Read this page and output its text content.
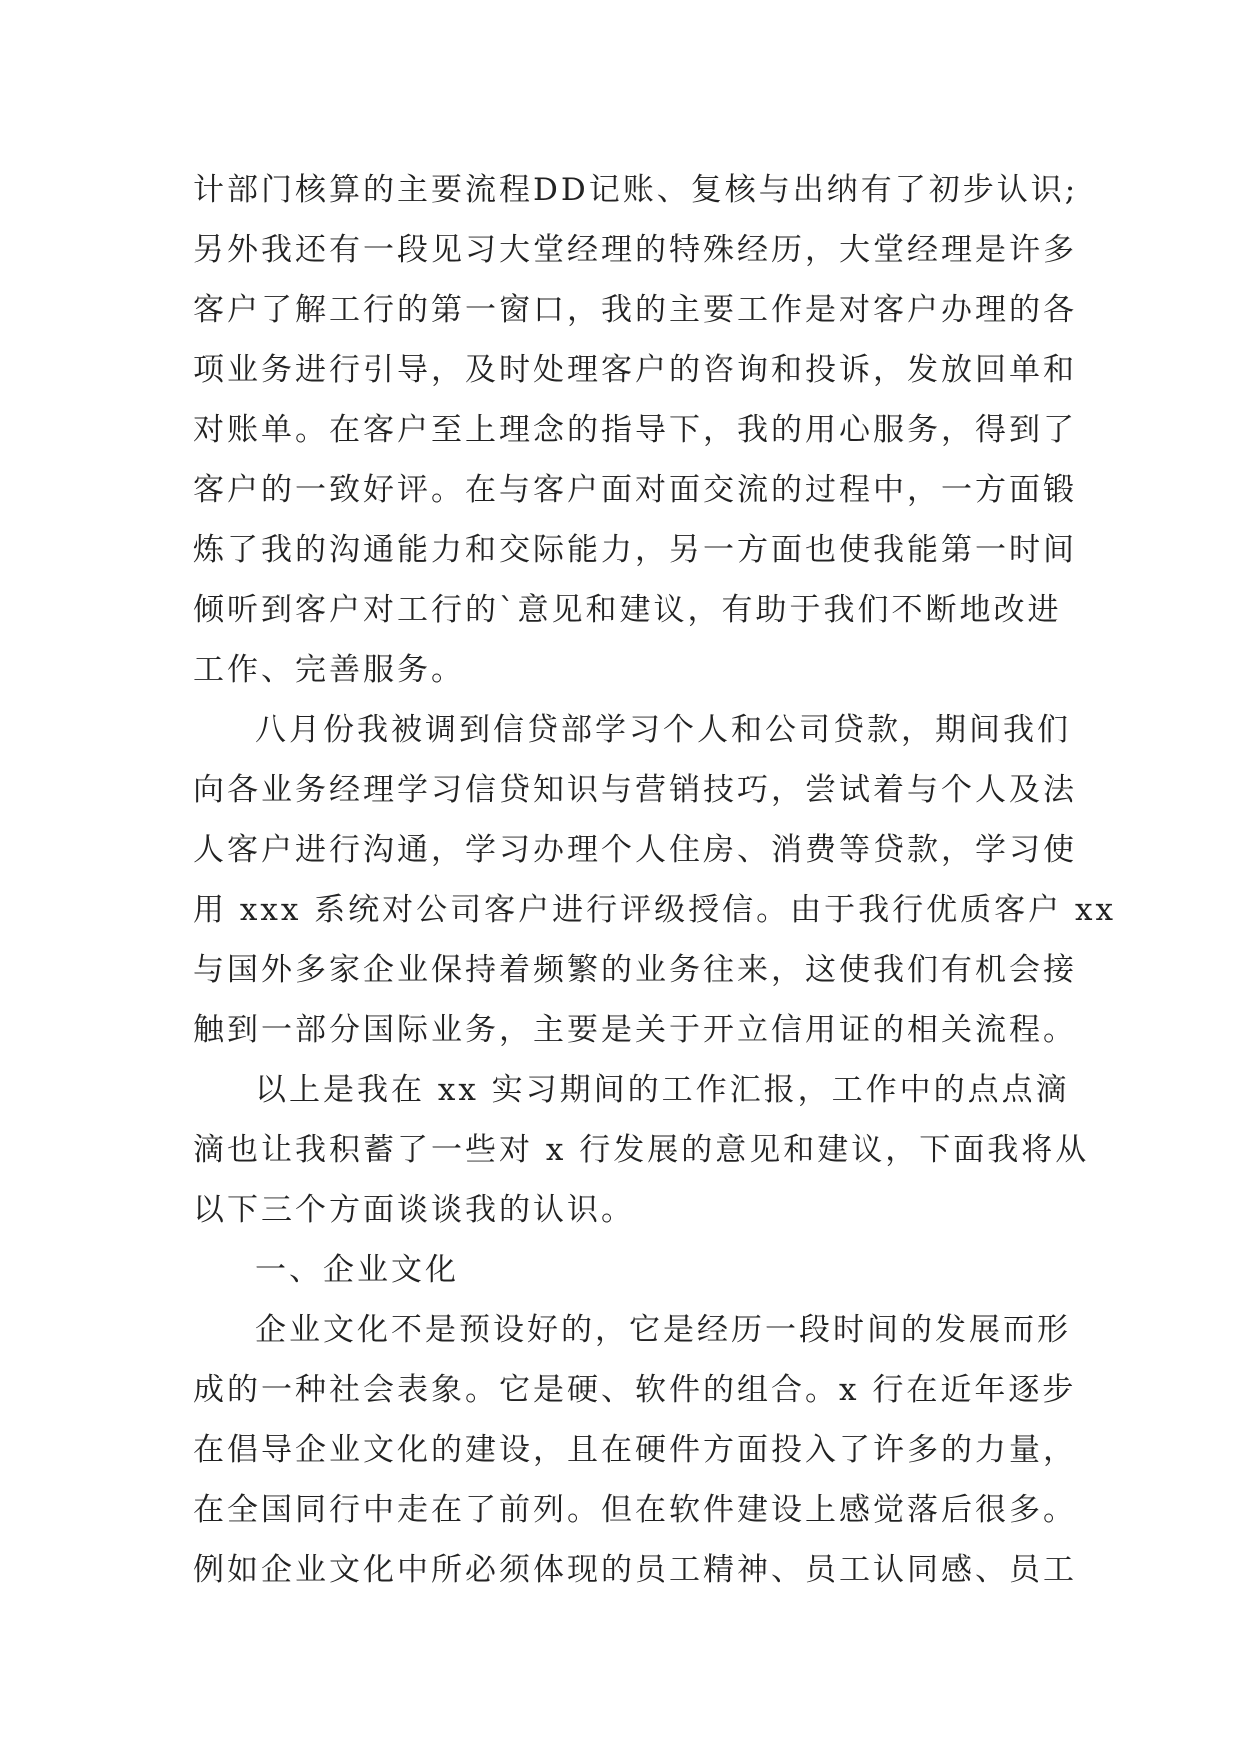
计部门核算的主要流程DD记账、复核与出纳有了初步认识;
另外我还有一段见习大堂经理的特殊经历，大堂经理是许多
客户了解工行的第一窗口，我的主要工作是对客户办理的各
项业务进行引导，及时处理客户的咨询和投诉，发放回单和
对账单。在客户至上理念的指导下，我的用心服务，得到了
客户的一致好评。在与客户面对面交流的过程中，一方面锻
炼了我的沟通能力和交际能力，另一方面也使我能第一时间
倾听到客户对工行的`意见和建议，有助于我们不断地改进
工作、完善服务。
八月份我被调到信贷部学习个人和公司贷款，期间我们
向各业务经理学习信贷知识与营销技巧，尝试着与个人及法
人客户进行沟通，学习办理个人住房、消费等贷款，学习使
用 xxx 系统对公司客户进行评级授信。由于我行优质客户 xx
与国外多家企业保持着频繁的业务往来，这使我们有机会接
触到一部分国际业务，主要是关于开立信用证的相关流程。
以上是我在 xx 实习期间的工作汇报，工作中的点点滴
滴也让我积蓄了一些对 x 行发展的意见和建议，下面我将从
以下三个方面谈谈我的认识。
一、企业文化
企业文化不是预设好的，它是经历一段时间的发展而形
成的一种社会表象。它是硬、软件的组合。x 行在近年逐步
在倡导企业文化的建设，且在硬件方面投入了许多的力量，
在全国同行中走在了前列。但在软件建设上感觉落后很多。
例如企业文化中所必须体现的员工精神、员工认同感、员工
